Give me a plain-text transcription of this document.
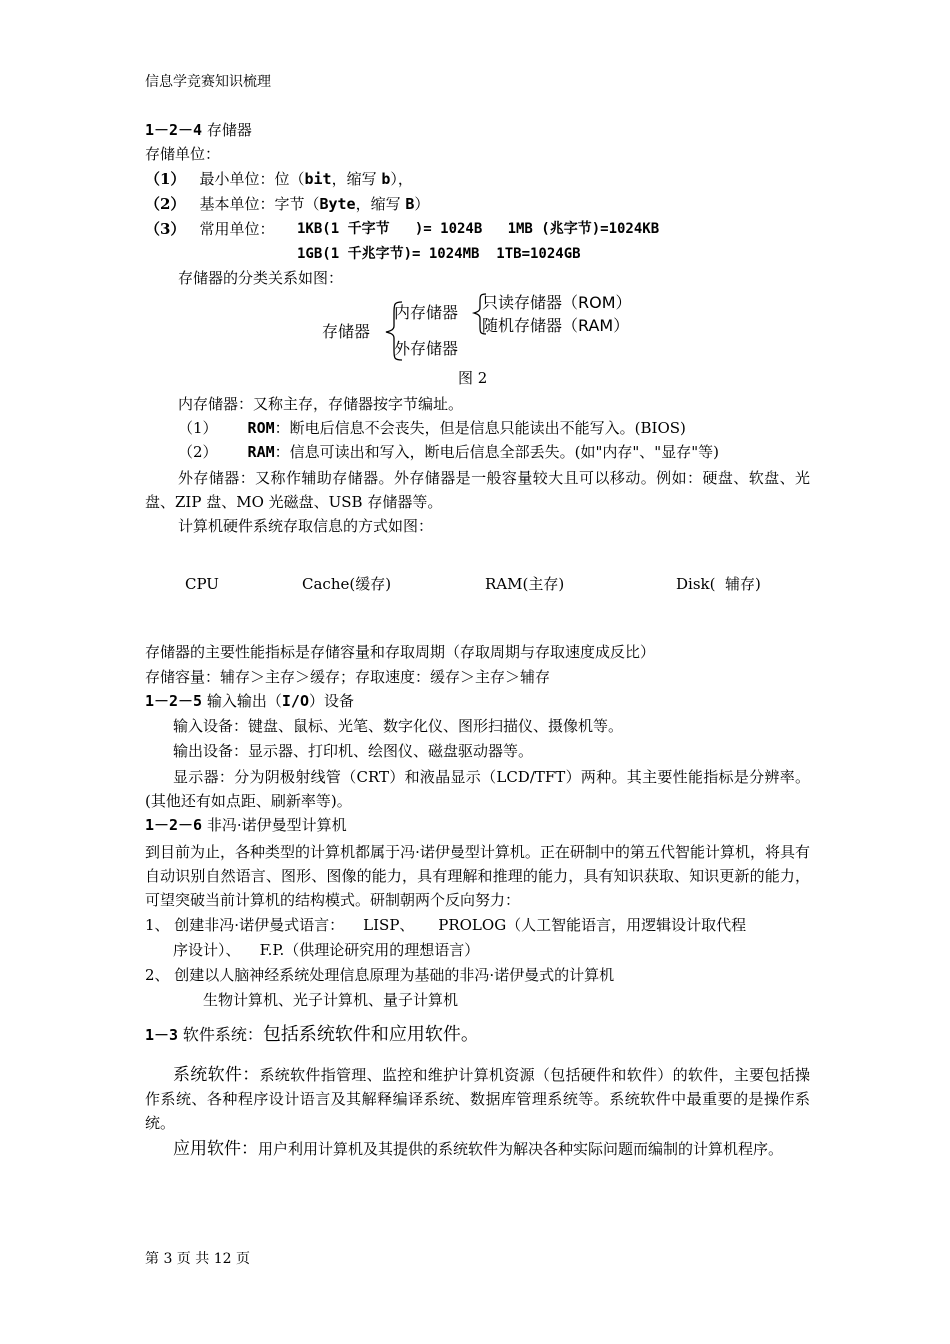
信息学竞赛知识梳理
1－2－4 存储器
存储单位：
（1） 最小单位：位（bit，缩写 b），
（2） 基本单位：字节（Byte，缩写 B）
（3） 常用单位： 1KB(1 千字节   )= 1024B   1MB (兆字节)=1024KB
1GB(1 千兆字节)= 1024MB  1TB=1024GB
存储器的分类关系如图：
存储器
内存储器
外存储器
只读存储器（ROM）
随机存储器（RAM）
图 2
内存储器：又称主存，存储器按字节编址。
（1） ROM：断电后信息不会丧失，但是信息只能读出不能写入。(BIOS)
（2） RAM：信息可读出和写入，断电后信息全部丢失。(如"内存"、"显存"等)
外存储器：又称作辅助存储器。外存储器是一般容量较大且可以移动。例如：硬盘、软盘、光盘、ZIP 盘、MO 光磁盘、USB 存储器等。
计算机硬件系统存取信息的方式如图：
CPU	Cache(缓存)	RAM(主存)	Disk(  辅存)
存储器的主要性能指标是存储容量和存取周期（存取周期与存取速度成反比）
存储容量：辅存＞主存＞缓存；存取速度：缓存＞主存＞辅存
1－2－5 输入输出（I/O）设备
输入设备：键盘、鼠标、光笔、数字化仪、图形扫描仪、摄像机等。
输出设备：显示器、打印机、绘图仪、磁盘驱动器等。
显示器：分为阴极射线管（CRT）和液晶显示（LCD/TFT）两种。其主要性能指标是分辨率。(其他还有如点距、刷新率等)。
1－2－6 非冯·诺伊曼型计算机
到目前为止，各种类型的计算机都属于冯·诺伊曼型计算机。正在研制中的第五代智能计算机，将具有自动识别自然语言、图形、图像的能力，具有理解和推理的能力，具有知识获取、知识更新的能力，可望突破当前计算机的结构模式。研制朝两个反向努力：
1、 创建非冯·诺伊曼式语言：    LISP、     PROLOG（人工智能语言，用逻辑设计取代程
序设计）、    F.P.（供理论研究用的理想语言）
2、 创建以人脑神经系统处理信息原理为基础的非冯·诺伊曼式的计算机
生物计算机、光子计算机、量子计算机
1－3 软件系统：包括系统软件和应用软件。
系统软件：系统软件指管理、监控和维护计算机资源（包括硬件和软件）的软件，主要包括操作系统、各种程序设计语言及其解释编译系统、数据库管理系统等。系统软件中最重要的是操作系统。
应用软件：用户利用计算机及其提供的系统软件为解决各种实际问题而编制的计算机程序。
第 3 页 共 12 页
